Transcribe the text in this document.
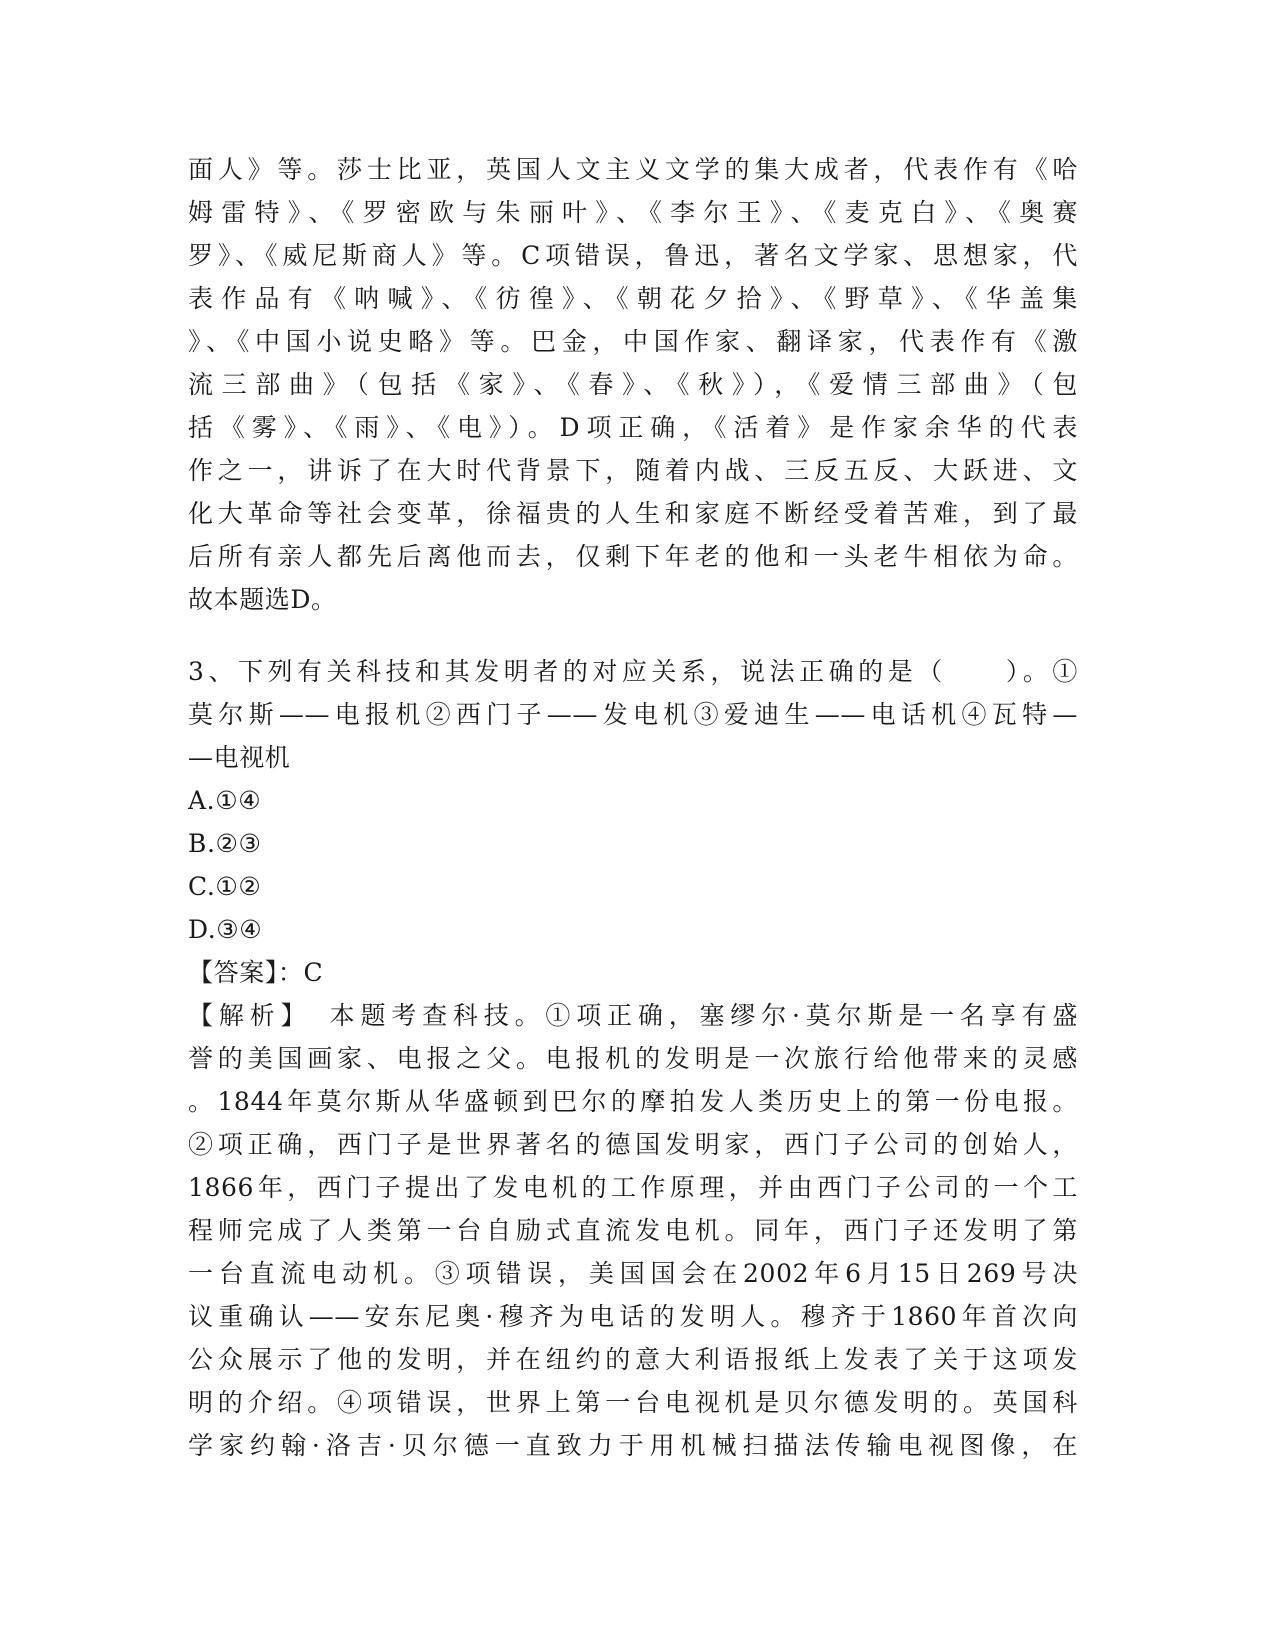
面人》等。莎士比亚，英国人文主义文学的集大成者，代表作有《哈
姆雷特》、《罗密欧与朱丽叶》、《李尔王》、《麦克白》、《奥赛
罗》、《威尼斯商人》等。C项错误，鲁迅，著名文学家、思想家，代
表作品有《呐喊》、《彷徨》、《朝花夕拾》、《野草》、《华盖集
》、《中国小说史略》等。巴金，中国作家、翻译家，代表作有《激
流三部曲》（包括《家》、《春》、《秋》），《爱情三部曲》（包
括《雾》、《雨》、《电》）。D项正确，《活着》是作家余华的代表
作之一，讲诉了在大时代背景下，随着内战、三反五反、大跃进、文
化大革命等社会变革，徐福贵的人生和家庭不断经受着苦难，到了最
后所有亲人都先后离他而去，仅剩下年老的他和一头老牛相依为命。
故本题选D。
3、下列有关科技和其发明者的对应关系，说法正确的是（　　）。①
莫尔斯——电报机②西门子——发电机③爱迪生——电话机④瓦特—
—电视机
A.①④
B.②③
C.①②
D.③④
【答案】：C
【解析】　本题考查科技。①项正确，塞缪尔·莫尔斯是一名享有盛
誉的美国画家、电报之父。电报机的发明是一次旅行给他带来的灵感
。1844年莫尔斯从华盛顿到巴尔的摩拍发人类历史上的第一份电报。
②项正确，西门子是世界著名的德国发明家，西门子公司的创始人，
1866年，西门子提出了发电机的工作原理，并由西门子公司的一个工
程师完成了人类第一台自励式直流发电机。同年，西门子还发明了第
一台直流电动机。③项错误，美国国会在2002年6月15日269号决
议重确认——安东尼奥·穆齐为电话的发明人。穆齐于1860年首次向
公众展示了他的发明，并在纽约的意大利语报纸上发表了关于这项发
明的介绍。④项错误，世界上第一台电视机是贝尔德发明的。英国科
学家约翰·洛吉·贝尔德一直致力于用机械扫描法传输电视图像，在
